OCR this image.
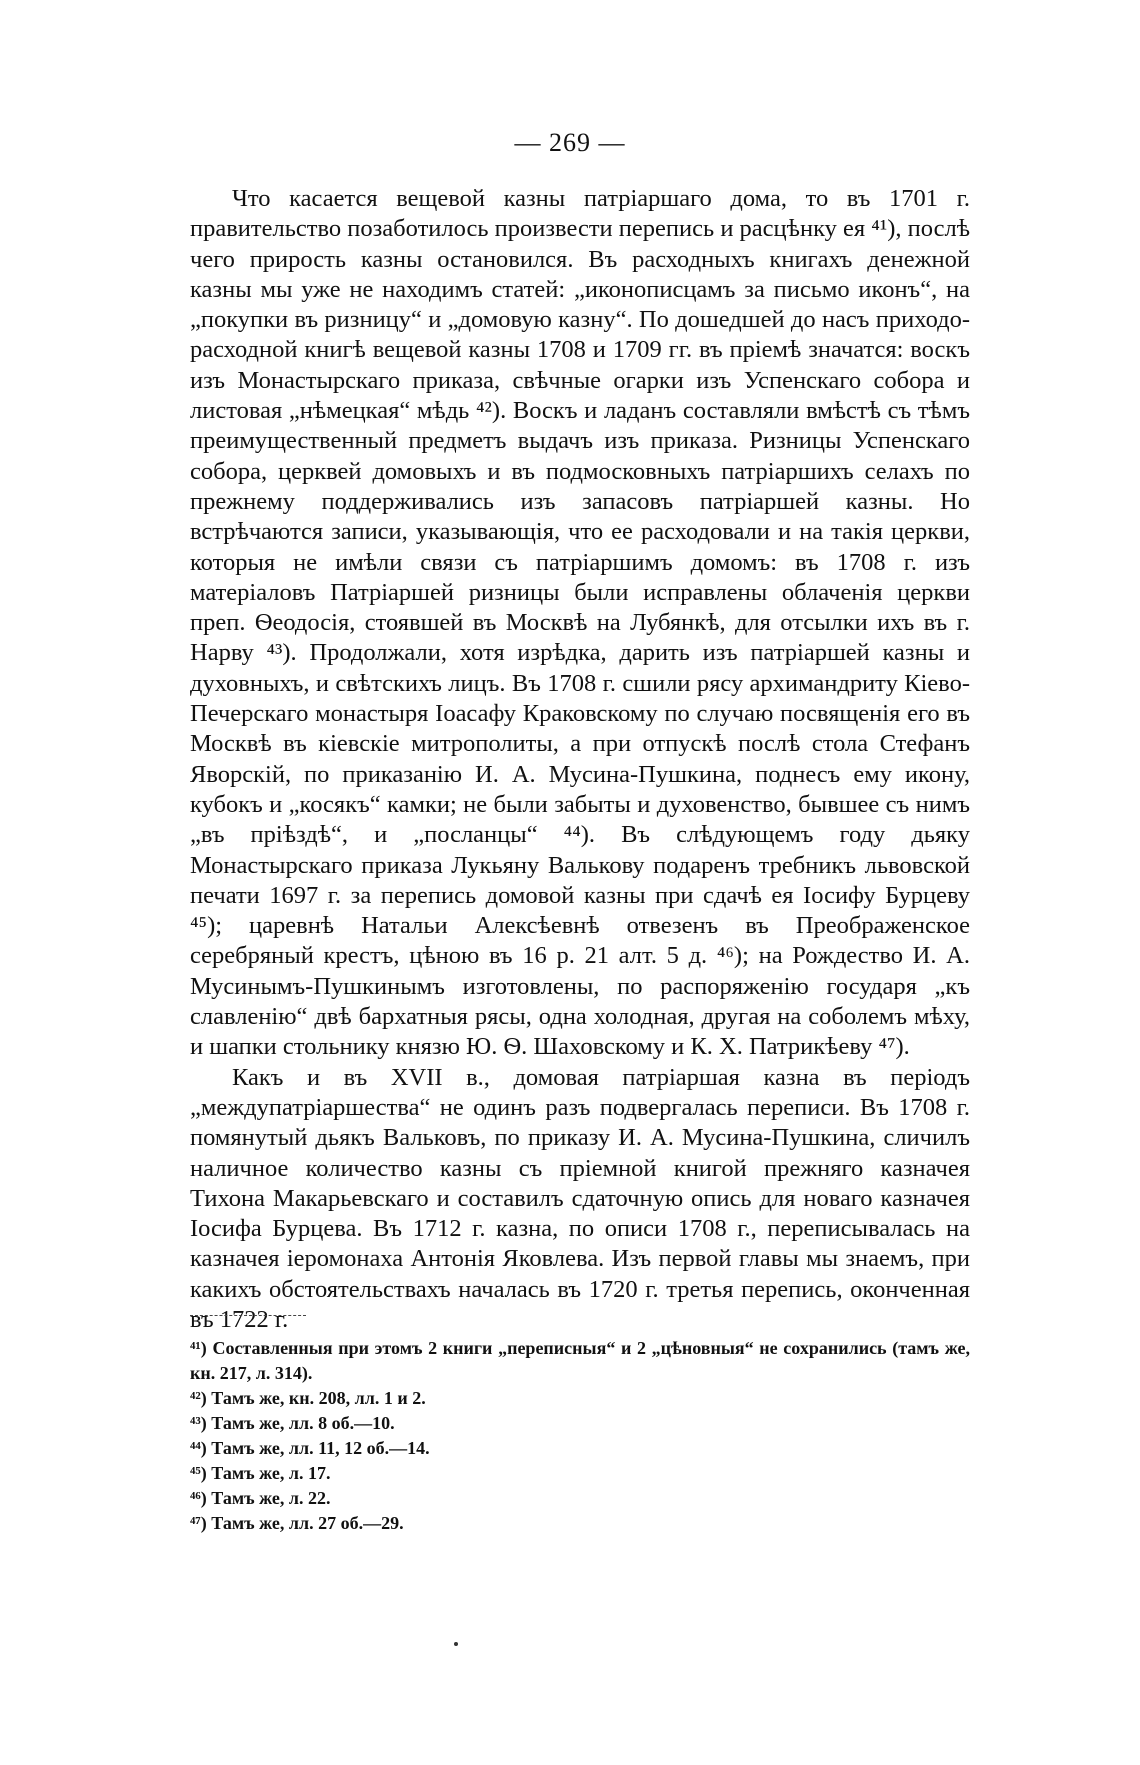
— 269 —

Что касается вещевой казны патріаршаго дома, то въ 1701 г. правительство позаботилось произвести перепись и расцѣнку ея ⁴¹), послѣ чего прирость казны остановился. Въ расходныхъ книгахъ денежной казны мы уже не находимъ статей: „иконописцамъ за письмо иконъ“, на „покупки въ ризницу“ и „домовую казну“. По дошедшей до насъ приходо-расходной книгѣ вещевой казны 1708 и 1709 гг. въ пріемѣ значатся: воскъ изъ Монастырскаго приказа, свѣчные огарки изъ Успенскаго собора и листовая „нѣмецкая“ мѣдь ⁴²). Воскъ и ладанъ составляли вмѣстѣ съ тѣмъ преимущественный предметъ выдачъ изъ приказа. Ризницы Успенскаго собора, церквей домовыхъ и въ подмосковныхъ патріаршихъ селахъ по прежнему поддерживались изъ запасовъ патріаршей казны. Но встрѣчаются записи, указывающія, что ее расходовали и на такія церкви, которыя не имѣли связи съ патріаршимъ домомъ: въ 1708 г. изъ матеріаловъ Патріаршей ризницы были исправлены облаченія церкви преп. Ѳеодосія, стоявшей въ Москвѣ на Лубянкѣ, для отсылки ихъ въ г. Нарву ⁴³). Продолжали, хотя изрѣдка, дарить изъ патріаршей казны и духовныхъ, и свѣтскихъ лицъ. Въ 1708 г. сшили рясу архимандриту Кіево-Печерскаго монастыря Іоасафу Краковскому по случаю посвященія его въ Москвѣ въ кіевскіе митрополиты, а при отпускѣ послѣ стола Стефанъ Яворскій, по приказанію И. А. Мусина-Пушкина, поднесъ ему икону, кубокъ и „косякъ“ камки; не были забыты и духовенство, бывшее съ нимъ „въ пріѣздѣ“, и „посланцы“ ⁴⁴). Въ слѣдующемъ году дьяку Монастырскаго приказа Лукьяну Валькову подаренъ требникъ львовской печати 1697 г. за перепись домовой казны при сдачѣ ея Іосифу Бурцеву ⁴⁵); царевнѣ Натальи Алексѣевнѣ отвезенъ въ Преображенское серебряный крестъ, цѣною въ 16 р. 21 алт. 5 д. ⁴⁶); на Рождество И. А. Мусинымъ-Пушкинымъ изготовлены, по распоряженію государя „къ славленію“ двѣ бархатныя рясы, одна холодная, другая на соболемъ мѣху, и шапки стольнику князю Ю. Ѳ. Шаховскому и К. Х. Патрикѣеву ⁴⁷).

Какъ и въ XVII в., домовая патріаршая казна въ періодъ „междупатріаршества“ не одинъ разъ подвергалась переписи. Въ 1708 г. помянутый дьякъ Вальковъ, по приказу И. А. Мусина-Пушкина, сличилъ наличное количество казны съ пріемной книгой прежняго казначея Тихона Макарьевскаго и составилъ сдаточную опись для новаго казначея Іосифа Бурцева. Въ 1712 г. казна, по описи 1708 г., переписывалась на казначея іеромонаха Антонія Яковлева. Изъ первой главы мы знаемъ, при какихъ обстоятельствахъ началась въ 1720 г. третья перепись, оконченная въ 1722 г.

⁴¹) Составленныя при этомъ 2 книги „переписныя“ и 2 „цѣновныя“ не сохранились (тамъ же, кн. 217, л. 314).
⁴²) Тамъ же, кн. 208, лл. 1 и 2.
⁴³) Тамъ же, лл. 8 об.—10.
⁴⁴) Тамъ же, лл. 11, 12 об.—14.
⁴⁵) Тамъ же, л. 17.
⁴⁶) Тамъ же, л. 22.
⁴⁷) Тамъ же, лл. 27 об.—29.
